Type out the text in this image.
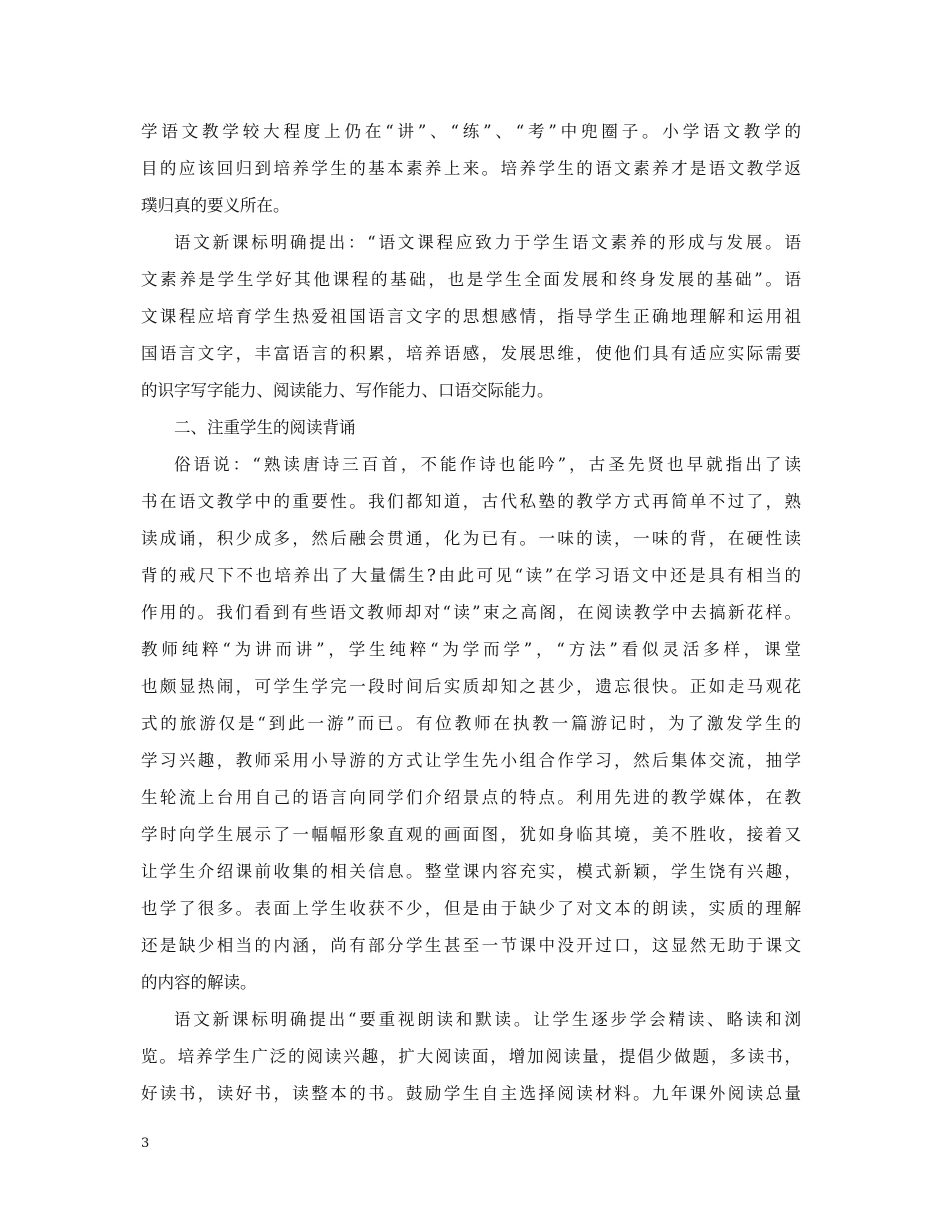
学语文教学较大程度上仍在“讲”、“练”、“考”中兜圈子。小学语文教学的
目的应该回归到培养学生的基本素养上来。培养学生的语文素养才是语文教学返
璞归真的要义所在。
语文新课标明确提出：“语文课程应致力于学生语文素养的形成与发展。语
文素养是学生学好其他课程的基础，也是学生全面发展和终身发展的基础”。语
文课程应培育学生热爱祖国语言文字的思想感情，指导学生正确地理解和运用祖
国语言文字，丰富语言的积累，培养语感，发展思维，使他们具有适应实际需要
的识字写字能力、阅读能力、写作能力、口语交际能力。
二、注重学生的阅读背诵
俗语说：“熟读唐诗三百首，不能作诗也能吟”，古圣先贤也早就指出了读
书在语文教学中的重要性。我们都知道，古代私塾的教学方式再简单不过了，熟
读成诵，积少成多，然后融会贯通，化为已有。一味的读，一味的背，在硬性读
背的戒尺下不也培养出了大量儒生?由此可见“读”在学习语文中还是具有相当的
作用的。我们看到有些语文教师却对“读”束之高阁，在阅读教学中去搞新花样。
教师纯粹“为讲而讲”，学生纯粹“为学而学”，“方法”看似灵活多样，课堂
也颇显热闹，可学生学完一段时间后实质却知之甚少，遗忘很快。正如走马观花
式的旅游仅是“到此一游”而已。有位教师在执教一篇游记时，为了激发学生的
学习兴趣，教师采用小导游的方式让学生先小组合作学习，然后集体交流，抽学
生轮流上台用自己的语言向同学们介绍景点的特点。利用先进的教学媒体，在教
学时向学生展示了一幅幅形象直观的画面图，犹如身临其境，美不胜收，接着又
让学生介绍课前收集的相关信息。整堂课内容充实，模式新颖，学生饶有兴趣，
也学了很多。表面上学生收获不少，但是由于缺少了对文本的朗读，实质的理解
还是缺少相当的内涵，尚有部分学生甚至一节课中没开过口，这显然无助于课文
的内容的解读。
语文新课标明确提出“要重视朗读和默读。让学生逐步学会精读、略读和浏
览。培养学生广泛的阅读兴趣，扩大阅读面，增加阅读量，提倡少做题，多读书，
好读书，读好书，读整本的书。鼓励学生自主选择阅读材料。九年课外阅读总量
3
